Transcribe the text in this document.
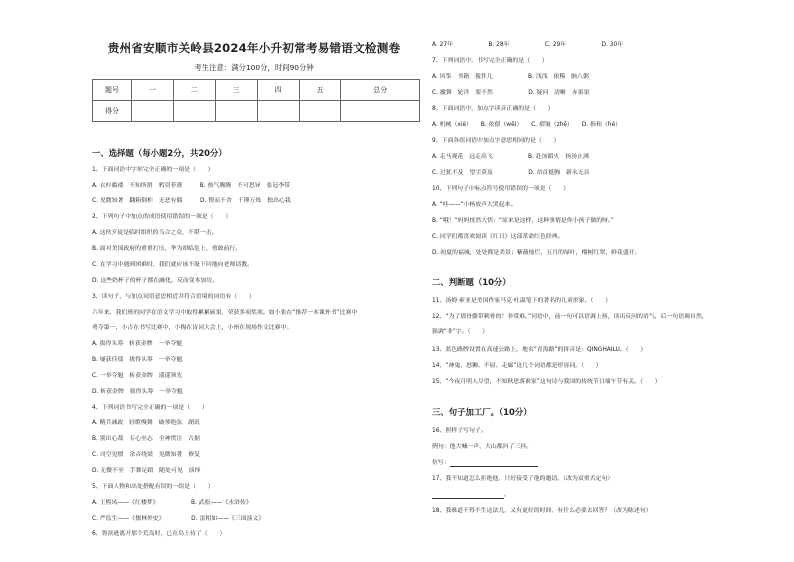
贵州省安顺市关岭县2024年小升初常考易错语文检测卷
考生注意：满分100分，时间90分钟
题号	一	二	三	四	五	总分
得分						
一、选择题（每小题2分，共20分）
1、下面词语中字形完全正确的一项是（　　）
A. 衣衫褴褛　不知所措　鸦羽菲薄　　　B. 热气腾腾　不可思异　张冠李带
C. 见微知著　翻箱倒柜　无恶有偶　　　D. 锲而不舍　千锤万炼　独出心栽
2、下列句子中加点的成语使用错误的一项是（　　）
A. 这伙歹徒是临时组织的乌合之众，不堪一击。
B. 面对美国政府的重重打压，华为却临危上，勇敢前行。
C. 在学习中遇到困难时，我们就应该不耻下问地向老师请教。
D. 这些奶杯子的杯子都在融化，反而变本加厉。
3、读句子，与加点词语意思相近并符合语境的词语有（　　）
六年来，我们班的同学在语文学习中取得累累硕果，荣获多项奖项。如小张在“推荐一本课外书”比赛中
勇夺第一，小吉在书写比赛中，小梅在诗词大会上，小州在现场作文比赛中。
A. 拔得头筹　斩获金牌　一举夺魁
B. 屡获佳绩　拔得头筹　一举夺魁
C. 一举夺魁　斩获金牌　遥遥领先
D. 斩获金牌　拔得头筹　一举夺魁
4、下列词语书写完全正确的一项是（　　）
A. 精兵减政　轻歌慢舞　破琴绝弦　湖讯
B. 别出心裁　专心至志　全神贯注　占据
C. 司空见惯　余音绕梁　见微知著　修复
D. 无微不至　手舞足蹈　随处可见　演绎
5、下面人物和出处搭配有误的一组是（　　）
A. 王熙凤——《红楼梦》　　　　　　B. 武松——《水浒传》
C. 严监生——《儒林外史》　　　　　D. 雷相如——《三国演义》
6、鲁滨逊离开那个荒岛时，已在岛上待了（　　）
A. 27年　　　　　　B. 28年　　　　　　C. 29年　　　　　　D. 30年
7、下列词语中，书写完全正确的是（　　）
A. 风筝　书籍　搅拌儿　　　　　　B. 浅浅　依稀　脑八粥
C. 撤舞　轮洋　要不然　　　　　　D. 疑问　清晰　赤果果
8、下面词语中，加点字读音正确的是（　　）
A. 机械（xiè）　　B. 依偎（wēi）　　C. 褶皱（zhě）　　D. 指和（hé）
9、下面各组词语中加点字意思相同的是（　　）
A. 走马观花　远走高飞　　　　　　B. 赴汤蹈火　扬汤止沸
C. 过犹不及　望尘莫及　　　　　　D. 昂首挺胸　新永无首
10、下列句子中标点符号使用错误的一项是（　　）
A. “哇——”小杨放声大哭起来。
B. “哦！”妈妈恍然大悟：“原来是这样，这种事情是你小孩子做的呀。”
C. 同学们都喜欢阅读《红日》这部革命红色经典。
D. 初夏的福城，处处都是美景；紫薇灿烂，五月的绿叶，榴树红翠，鲜花盛开。
二、判断题（10分）
11、汤姆·索亚是美国作家马克·吐温笔下的著名的儿童形象。（　　）
12、“为了那骨骼带刺骨的！非常难。”词语中，前一句可以语调上扬，读出反问的语气，后一句语调自然，
强调“非”字。（　　）
13、蓝色路牌设置在高速公路上，地名“青海路”的拼音是：QINGHAILU。（　　）
14、“神鬼、怒狮、不屈、走廊”这几个词语都是形容词。（　　）
15、“今夜月明人尽望，不知秋思落谁家”这句诗与我国的传统节日端午节有关。（　　）
三、句子加工厂。（10分）
16、照样子写句子。
例句：他大喊一声，大山都抖了三抖。
仿写：
17、我不知道怎么拒绝他，只好接受了他的邀请。（改为双重否定句）
。
18、我难道不得不生这法儿，又有更好的时间，有什么必要去回答？（改为陈述句）
